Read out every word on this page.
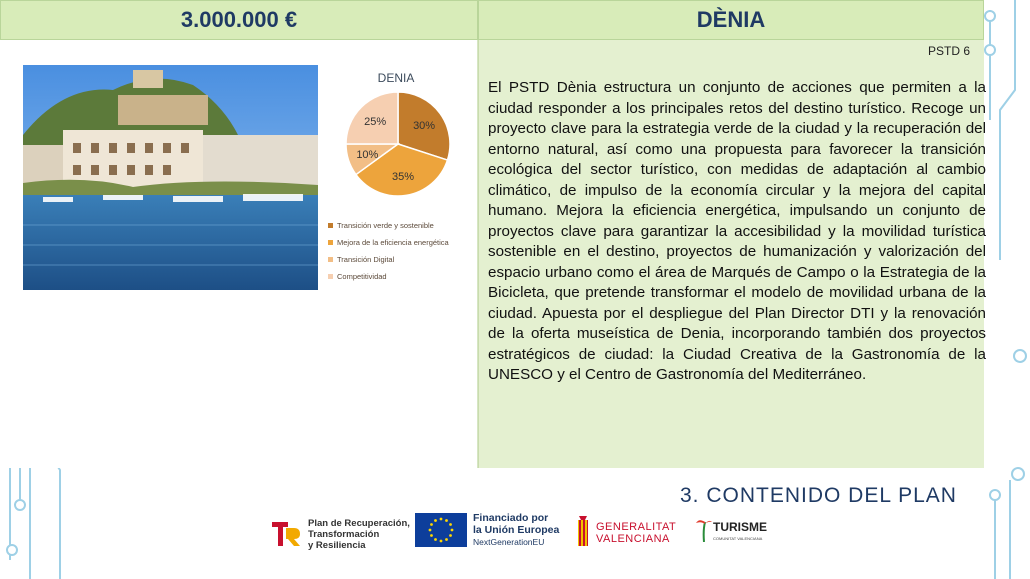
3.000.000 €	DÈNIA
DENIA
30%
35%
10%
25%
Transición verde y sostenible
Mejora de la eficiencia energética
Transición Digital
Competitividad
PSTD 6
El PSTD Dènia estructura un conjunto de acciones que permiten a la ciudad responder a los principales retos del destino turístico. Recoge un proyecto clave para la estrategia verde de la ciudad y la recuperación del entorno natural, así como una propuesta para favorecer la transición ecológica del sector turístico, con medidas de adaptación al cambio climático, de impulso de la economía circular y la mejora del capital humano. Mejora la eficiencia energética, impulsando un conjunto de proyectos clave para garantizar la accesibilidad y la movilidad turística sostenible en el destino, proyectos de humanización y valorización del espacio urbano como el área de Marqués de Campo o la Estrategia de la Bicicleta, que pretende transformar el modelo de movilidad urbana de la ciudad. Apuesta por el despliegue del Plan Director DTI y la renovación de la oferta museística de Denia, incorporando también dos proyectos estratégicos de ciudad: la Ciudad Creativa de la Gastronomía de la UNESCO y el Centro de Gastronomía del Mediterráneo.
3. CONTENIDO DEL PLAN
Plan de Recuperación,
Transformación
y Resiliencia
Financiado por
la Unión Europea
NextGenerationEU
GENERALITAT
VALENCIANA
TURISME
COMUNITAT VALENCIANA
